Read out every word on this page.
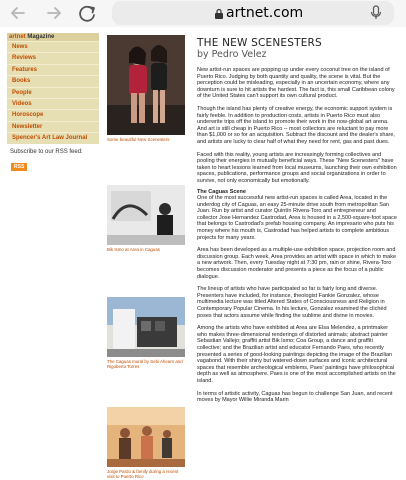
artnet.com
artnet Magazine
News
Reviews
Features
Books
People
Videos
Horoscope
Newsletter
Spencer's Art Law Journal
Subscribe to our RSS feed:
RSS
Some beautiful New Scenesters
Bik Ismo at Area in Caguas
The Caguas mural by Sebi Ahearn and Rigoberto Torres
Jorge Pardo & family during a recent visit to Puerto Rico
THE NEW SCENESTERS
by Pedro Velez

New artist-run spaces are popping up under every coconut tree on the island of Puerto Rico. Judging by both quantity and quality, the scene is vital. But the perception could be misleading, especially in an uncertain economy, where any downturn is sure to hit artists the hardest. The fact is, this small Caribbean colony of the United States can't support its own cultural product.

Though the island has plenty of creative energy, the economic support system is fairly feeble. In addition to production costs, artists in Puerto Rico must also underwrite trips off the island to promote their work in the now-global art arena. And art is still cheap in Puerto Rico -- most collectors are reluctant to pay more than $1,000 or so for an acquisition. Subtract the discount and the dealer's share, and artists are lucky to clear half of what they need for rent, gas and past dues.

Faced with this reality, young artists are increasingly forming collectives and pooling their energies in mutually beneficial ways. These "New Scenesters" have taken to heart lessons learned from local museums, launching their own exhibition spaces, publications, performance groups and social organizations in order to survive, not only economically but emotionally.

The Caguas Scene

One of the most successful new artist-run spaces is called Area, located in the underdog city of Caguas, an easy 25-minute drive south from metropolitan San Juan. Run by artist and curator Quintín Rivera-Toro and entrepreneur and collector Jose Hernandez Castrodad, Area is housed in a 2,500-square-foot space that belongs to Castrodad's prefab housing company. An impresario who puts his money where his mouth is, Castrodad has helped artists to complete ambitious projects for many years.

Area has been developed as a multiple-use exhibition space, projection room and discussion group. Each week, Area provides an artist with space in which to make a new artwork. Then, every Tuesday night at 7:30 pm, rain or shine, Rivera-Toro becomes discussion moderator and presents a piece as the focus of a public dialogue.

The lineup of artists who have participated so far is fairly long and diverse. Presenters have included, for instance, theologist Fankie Gonzalez, whose multimedia lecture was titled Altered States of Consciousness and Religion in Contemporary Popular Cinema. In his lecture, Gonzalez examined the clichéd poses that actors assume while finding the sublime and divine in movies.

Among the artists who have exhibited at Area are Elsa Melendez, a printmaker who makes three-dimensional renderings of distorted animals; abstract painter Sebastian Vallejo; graffiti artist Bik Ismo; Coa Group, a dance and graffiti collective; and the Brazilian artist and educator Fernando Paes, who recently presented a series of good-looking paintings depicting the image of the Brazilian vagabond. With their shiny but watered-down surfaces and iconic architectural spaces that resemble archeological emblems, Paes' paintings have philosophical depth as well as atmosphere. Paes is one of the most accomplished artists on the island.

In terms of artistic activity, Caguas has begun to challenge San Juan, and recent moves by Mayor Willie Miranda Marin
